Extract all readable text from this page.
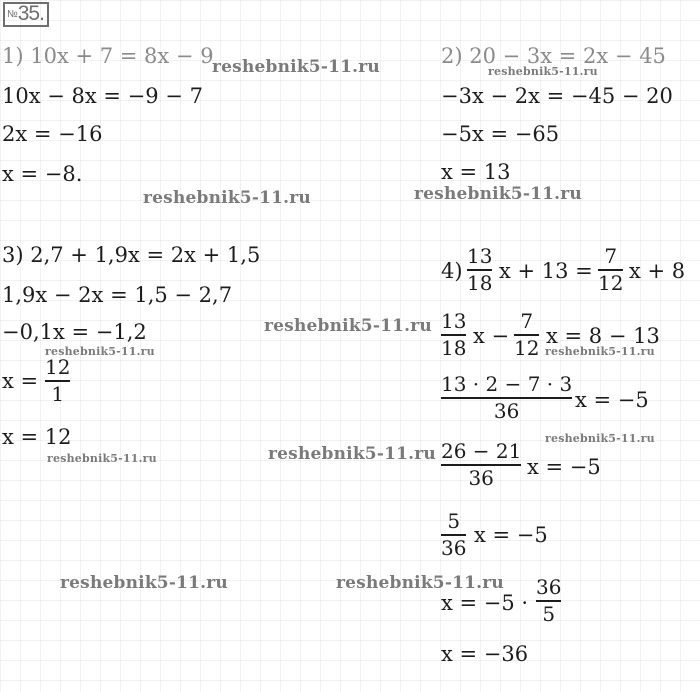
№ 35.
1) 10x + 7 = 8x − 9
10x − 8x = −9 − 7
2x = −16
x = −8.
2) 20 − 3x = 2x − 45
−3x − 2x = −45 − 20
−5x = −65
x = 13
3) 2,7 + 1,9x = 2x + 1,5
1,9x − 2x = 1,5 − 2,7
−0,1x = −1,2
x =
12
1
x = 12
4)
13
18 x + 13 =
7
12 x + 8
13
18 x −
7
12 x = 8 − 13
13 · 2 − 7 · 3
36	x = −5
26 − 21
36 x = −5
5
36
x = −5
x = −5 ·
36
5
x = −36
reshebnik5-11.ru	reshebnik5-11.ru
reshebnik5-11.ru	reshebnik5-11.ru
reshebnik5-11.ru
reshebnik5-11.ru	reshebnik5-11.ru
reshebnik5-11.ru
reshebnik5-11.ru
reshebnik5-11.ru
reshebnik5-11.ru	reshebnik5-11.ru
